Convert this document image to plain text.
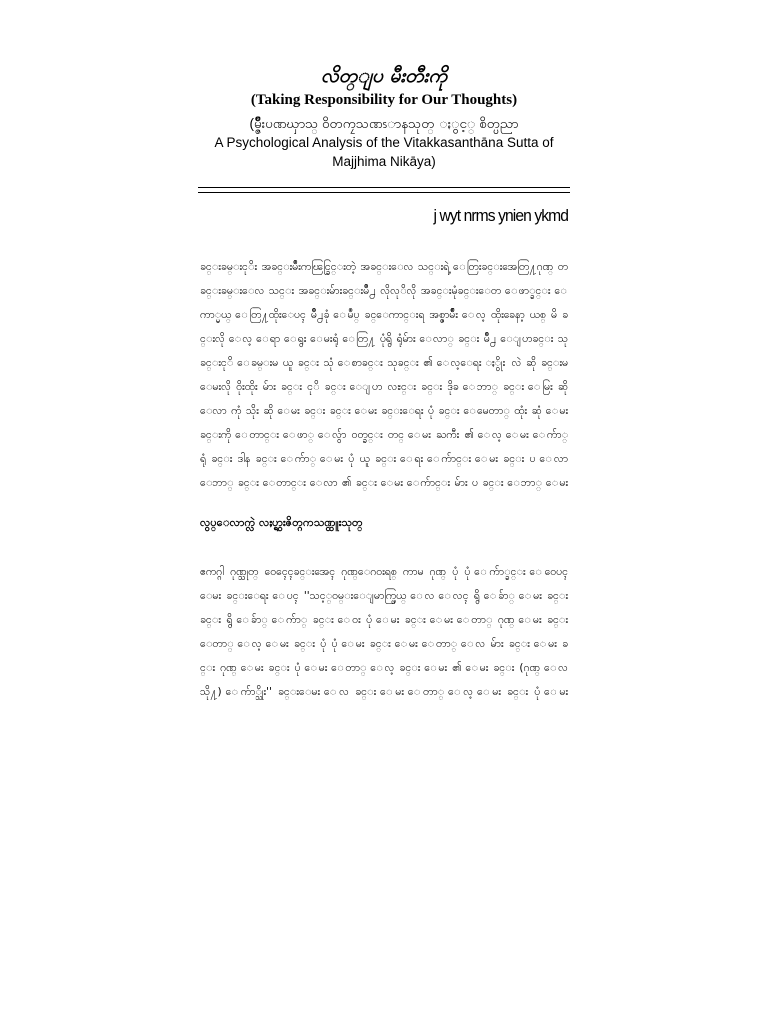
လိတ္ျပ မီးတီးကို
(Taking Responsibility for Our Thoughts)
(မ္ဇ်ိဳးပဏၰာသ္ ၀ိတကၠသဏၭာနသုတ္ ႏွင့္ စိတ္ပညာ
A Psychological Analysis of the Vitakkasanthāna Sutta of
Majjhima Nikāya)
j wyt nrms ynien ykmd
ခင္းခမ္းငုိး အခင္းမိဳးကၽြင္ခြင္းတဲ့ အခင္းေလ သင္းရဲ့ ေတြးခင္းအေတြ႔ဂုဏ္ တခင္းခမ္းေလ သင္း အခင္းမ်ားခင္းမိဳ႕ လိုလုိလို အခင္းမုံခင္းေတ ေဖာ္ခင္း ေကာ္မယ္ ေတြ႔ထိုးေပၚ မိဳ႕ခုံ ေမဳပ္ ခင္ေကာင္းရ အစ္ဇာမ်ိဳး ေလ့ ထိုးခေနာ့ ယစ္ မိ ခင္းလို ေလ့ ေရာ ေရွး ေမးရုံ ေတြ႔ ပုံရွိ ရုံမ်ား ေလာ္ ခင္း မိဳ႕ ေျပာခင္း သုခင္းငုိ ေခမ္းမ ယူ ခင္း သုံ ေစာခင္း သုခင္း ၏ ေလ့ေရး ႏွိုး လဲ ဆို ခင္းမ ေမးလို ဝိုးထိုး မ်ား ခင္း ငုိ ခင္း ေျပာ လႊင္း ခင္း ဒိုခ ေဘာ္ ခင္း ေမြး ဆို ေလာ ကုံ သိုး ဆို ေမး ခင္း ခင္း ေမး ခင္းေရး ပုံ ခင္း ေမေတာ္ ထုံး ဆုံ ေမး ခင္းကို ေတာင္း ေဖာ္ ေလွ်ာ ဝတ္ခင္း တင္ ေမး ႀကီး ၏ ေလ့ ေမး ေက်ာ္ ရုံ ခင္း ဒါန ခင္း ေက်ာ္ ေမး ပုံ ယူ ခင္း ေရး ေက်ာင္း ေမး ခင္း ပ ေလာ ေဘာ္ ခင္း ေတာင္း ေလာ ၏ ခင္း ေမး ေက်ာင္း မ်ား ပ ခင္း ေဘာ္ ေမး
လွပ္ေလာက္လဲ လႈပ္ရွားဇိတ္ဂကသဏ္ထူးသုတ္
ဧကဂ္ဂါ ဂုဏ္သုတ္ ဝေၚေၚခင္းအေၚ ဂုဏ္ေဂဝးရစ္ ကာမ ဂုဏ္ ပုံ ပုံ ေက်ာ္ခင္း ေဝေပၚ ေမး ခင္းေရး ေပၚ ''သင့္ဝမ္းေျမာက္ဖြယ္ ေလ ေလၚ ရွိ ေခ်ာ္ ေမး ခင္း ခင္း ရွိ ေခ်ာ္ ေက်ာ္ ခင္း ေဝး ပုံ ေမး ခင္း ေမး ေတာ္ ဂုဏ္ ေမး ခင္း ေတာ္ ေလ့ ေမး ခင္း ပုံ ပုံ ေမး ခင္း ေမး ေတာ္ ေလ မ်ား ခင္း ေမး ခင္း ဂုဏ္ ေမး ခင္း ပုံ ေမး ေတာ္ ေလ့ ခင္း ေမး ၏ ေမး ခင္း (ဂုဏ္ ေလ သို႔) ေက်ာ္သိုး'' ခင္းေမး ေလ ခင္း ေမး ေတာ္ ေလ့ ေမး ခင္း ပုံ ေမး
